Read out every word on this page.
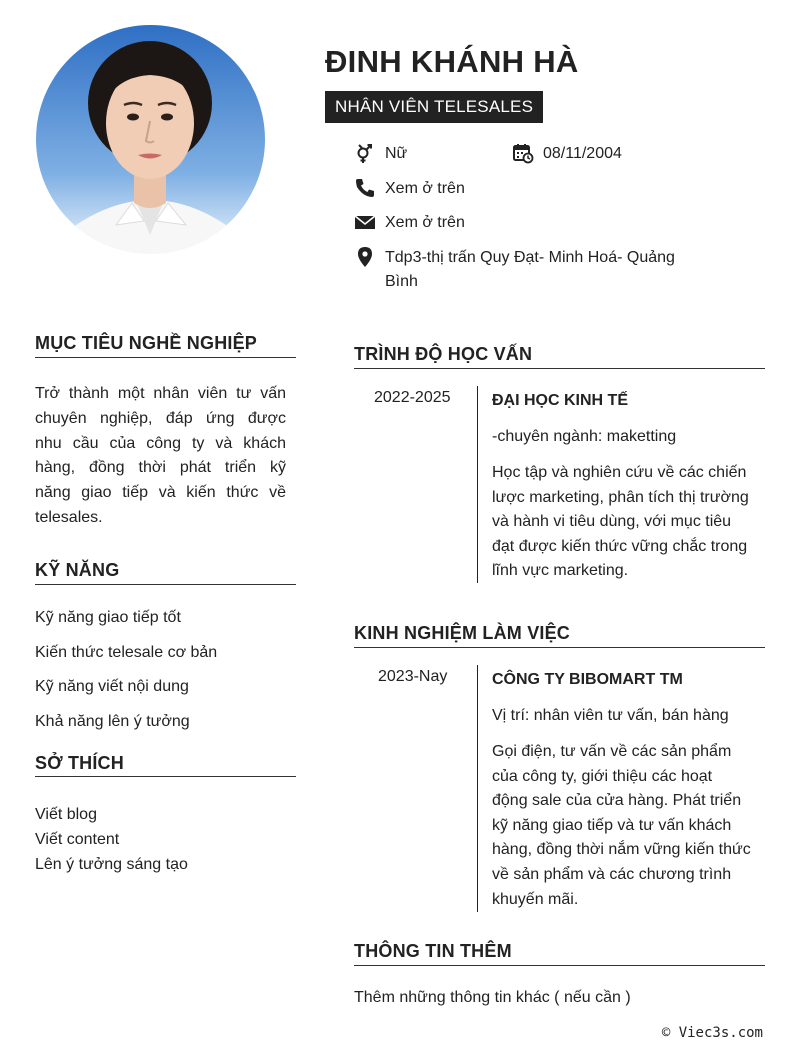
ĐINH KHÁNH HÀ
NHÂN VIÊN TELESALES
Nữ	08/11/2004
Xem ở trên
Xem ở trên
Tdp3-thị trấn Quy Đạt- Minh Hoá- Quảng
Bình
MỤC TIÊU NGHỀ NGHIỆP
Trở thành một nhân viên tư vấn
chuyên nghiệp, đáp ứng được
nhu cầu của công ty và khách
hàng, đồng thời phát triển kỹ
năng giao tiếp và kiến thức về
telesales.
KỸ NĂNG
Kỹ năng giao tiếp tốt
Kiến thức telesale cơ bản
Kỹ năng viết nội dung
Khả năng lên ý tưởng
SỞ THÍCH
Viết blog
Viết content
Lên ý tưởng sáng tạo
TRÌNH ĐỘ HỌC VẤN
2022-2025	ĐẠI HỌC KINH TẾ
-chuyên ngành: maketting
Học tập và nghiên cứu về các chiến
lược marketing, phân tích thị trường
và hành vi tiêu dùng, với mục tiêu
đạt được kiến thức vững chắc trong
lĩnh vực marketing.
KINH NGHIỆM LÀM VIỆC
2023-Nay	CÔNG TY BIBOMART TM
Vị trí: nhân viên tư vấn, bán hàng
Gọi điện, tư vấn về các sản phẩm
của công ty, giới thiệu các hoạt
động sale của cửa hàng. Phát triển
kỹ năng giao tiếp và tư vấn khách
hàng, đồng thời nắm vững kiến thức
về sản phẩm và các chương trình
khuyến mãi.
THÔNG TIN THÊM
Thêm những thông tin khác ( nếu cần )
© Viec3s.com
